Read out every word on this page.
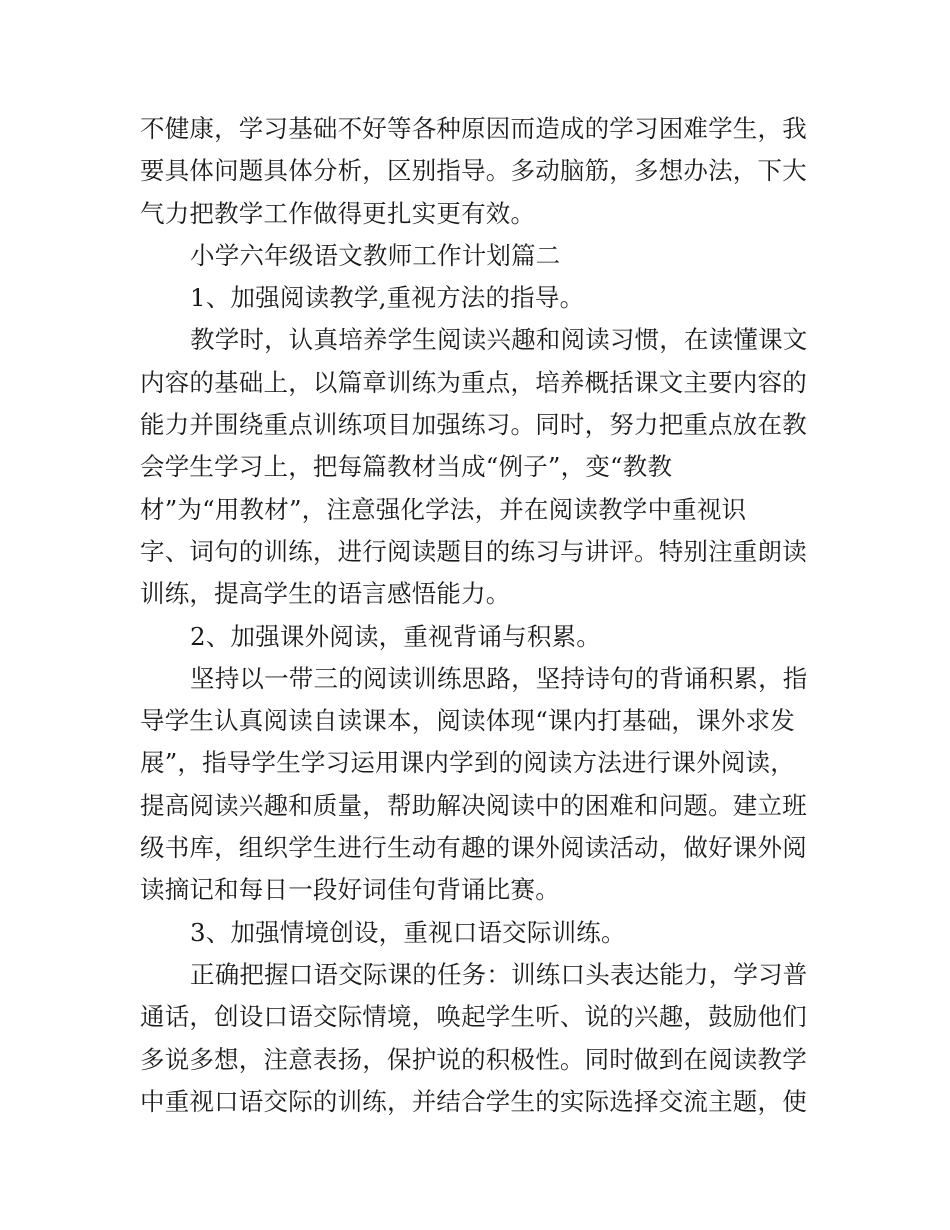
不健康，学习基础不好等各种原因而造成的学习困难学生，我
要具体问题具体分析，区别指导。多动脑筋，多想办法，下大
气力把教学工作做得更扎实更有效。
小学六年级语文教师工作计划篇二
1、加强阅读教学,重视方法的指导。
教学时，认真培养学生阅读兴趣和阅读习惯，在读懂课文
内容的基础上，以篇章训练为重点，培养概括课文主要内容的
能力并围绕重点训练项目加强练习。同时，努力把重点放在教
会学生学习上，把每篇教材当成“例子”，变“教教
材”为“用教材”，注意强化学法，并在阅读教学中重视识
字、词句的训练，进行阅读题目的练习与讲评。特别注重朗读
训练，提高学生的语言感悟能力。
2、加强课外阅读，重视背诵与积累。
坚持以一带三的阅读训练思路，坚持诗句的背诵积累，指
导学生认真阅读自读课本，阅读体现“课内打基础，课外求发
展”，指导学生学习运用课内学到的阅读方法进行课外阅读，
提高阅读兴趣和质量，帮助解决阅读中的困难和问题。建立班
级书库，组织学生进行生动有趣的课外阅读活动，做好课外阅
读摘记和每日一段好词佳句背诵比赛。
3、加强情境创设，重视口语交际训练。
正确把握口语交际课的任务：训练口头表达能力，学习普
通话，创设口语交际情境，唤起学生听、说的兴趣，鼓励他们
多说多想，注意表扬，保护说的积极性。同时做到在阅读教学
中重视口语交际的训练，并结合学生的实际选择交流主题，使
